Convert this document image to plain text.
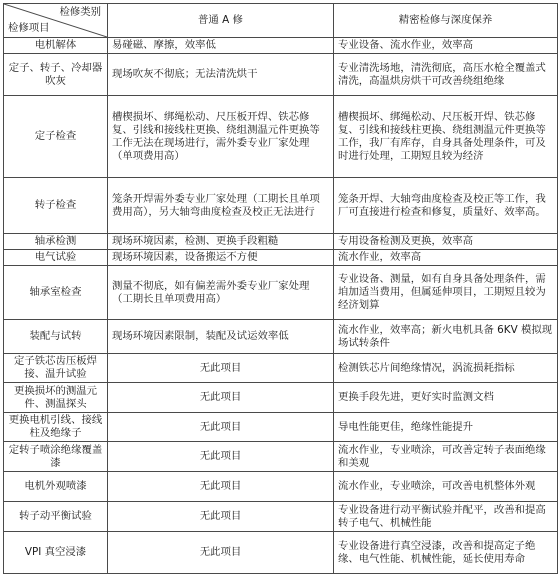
检修类别
检修项目	普通 A 修	精密检修与深度保养
电机解体	易碰磁、摩擦，效率低	专业设备、流水作业，效率高
定子、转子、冷却器吹灰	现场吹灰不彻底；无法清洗烘干	专业清洗场地，清洗彻底，高压水枪全覆盖式清洗，高温烘房烘干可改善绕组绝缘
定子检查	槽楔损坏、绑绳松动、尺压板开焊、铁芯修复、引线和接线柱更换、绕组测温元件更换等工作无法在现场进行，需外委专业厂家处理（单项费用高）	槽楔损坏、绑绳松动、尺压板开焊、铁芯修复、引线和接线柱更换、绕组测温元件更换等工作，我厂有库存，自身具备处理条件，可及时进行处理，工期短且较为经济
转子检查	笼条开焊需外委专业厂家处理（工期长且单项费用高），另大轴弯曲度检查及校正无法进行	笼条开焊、大轴弯曲度检查及校正等工作，我厂可直接进行检查和修复，质量好、效率高。
轴承检测	现场环境因素，检测、更换手段粗糙	专用设备检测及更换，效率高
电气试验	现场环境因素，设备搬运不方便	流水作业，效率高
轴承室检查	测量不彻底，如有偏差需外委专业厂家处理（工期长且单项费用高）	专业设备、测量，如有自身具备处理条件，需垍加适当费用，但属延伸项目，工期短且较为经济划算
装配与试转	现场环境因素限制，装配及试运效率低	流水作业，效率高；新火电机具备 6KV 模拟现场试转条件
定子铁芯齿压板焊接、温升试验	无此项目	检测铁芯片间绝缘情况，涡流损耗指标
更换损坏的测温元件、测温探头	无此项目	更换手段先进，更好实时监测文档
更换电机引线、接线柱及绝缘子	无此项目	导电性能更佳，绝缘性能提升
定转子喷涂绝缘覆盖漆	无此项目	流水作业，专业喷涂，可改善定转子表面绝缘和美观
电机外观喷漆	无此项目	流水作业，专业喷涂，可改善电机整体外观
转子动平衡试验	无此项目	专业设备进行动平衡试验并配平，改善和提高转子电气、机械性能
VPI 真空浸漆	无此项目	专业设备进行真空浸漆，改善和提高定子绝缘、电气性能、机械性能，延长使用寿命
